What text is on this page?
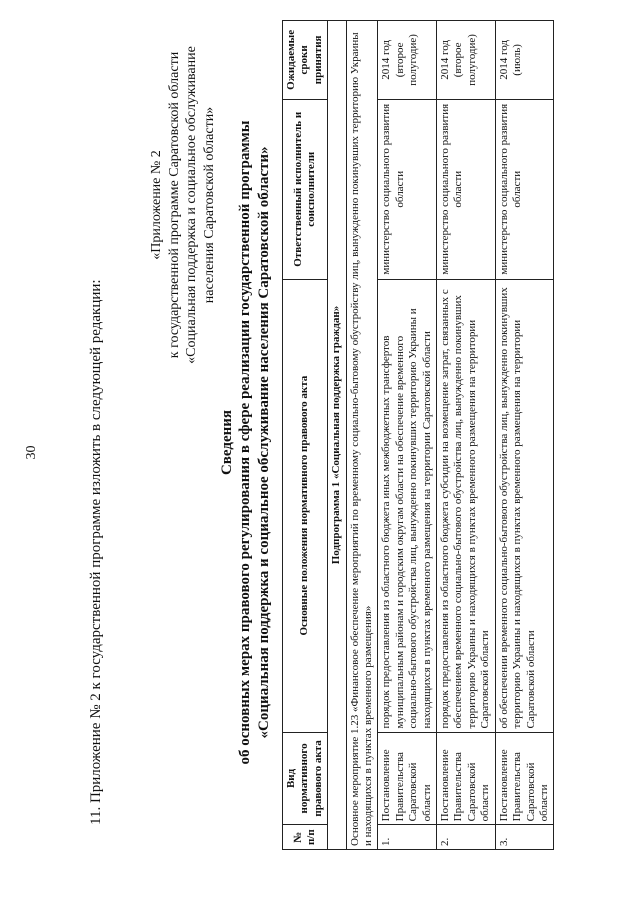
30	11. Приложение № 2 к государственной программе изложить в следующей редакции:
«Приложение № 2 к государственной программе Саратовской области «Социальная поддержка и социальное обслуживание населения Саратовской области»
Сведения об основных мерах правового регулирования в сфере реализации государственной программы «Социальная поддержка и социальное обслуживание населения Саратовской области»
№ п/п	Вид нормативного правового акта	Основные положения нормативного правового акта	Ответственный исполнитель и соисполнители	Ожидаемые сроки принятия
Подпрограмма 1 «Социальная поддержка граждан»				
Основное мероприятие 1.23 «Финансовое обеспечение мероприятий по временному социально-бытовому обустройству лиц, вынужденно покинувших территорию Украины и находящихся в пунктах временного размещения»				
1.	Постановление Правительства Саратовской области	порядок предоставления из областного бюджета иных межбюджетных трансфертов муниципальным районам и городским округам области на обеспечение временного социально-бытового обустройства лиц, вынужденно покинувших территорию Украины и находящихся в пунктах временного размещения на территории Саратовской области	министерство социального развития области	2014 год (второе полугодие)
2.	Постановление Правительства Саратовской области	порядок предоставления из областного бюджета субсидии на возмещение затрат, связанных с обеспечением временного социально-бытового обустройства лиц, вынужденно покинувших территорию Украины и находящихся в пунктах временного размещения на территории Саратовской области	министерство социального развития области	2014 год (второе полугодие)
3.	Постановление Правительства Саратовской области	об обеспечении временного социально-бытового обустройства лиц, вынужденно покинувших территорию Украины и находящихся в пунктах временного размещения на территории Саратовской области	министерство социального развития области	2014 год (июль)
